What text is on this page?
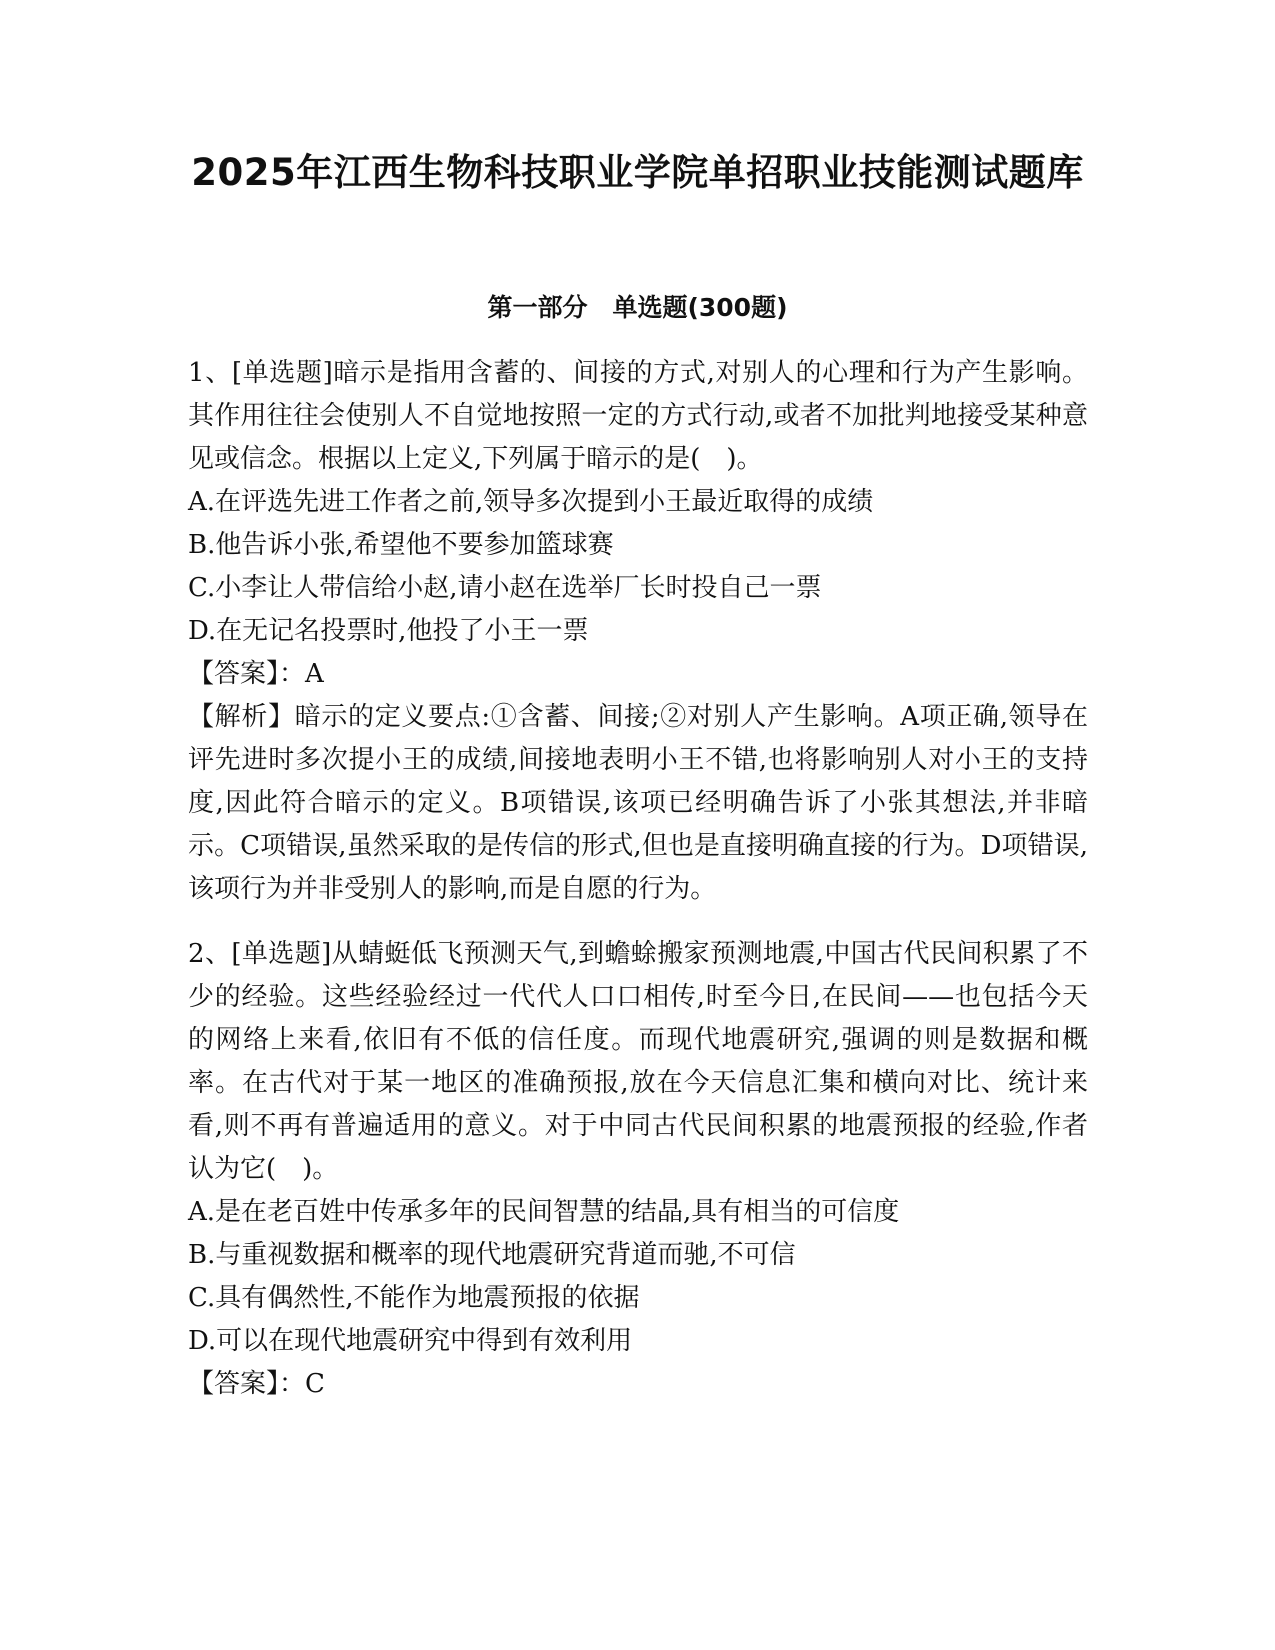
2025年江西生物科技职业学院单招职业技能测试题库
第一部分　单选题(300题)

1、[单选题]暗示是指用含蓄的、间接的方式,对别人的心理和行为产生影响。其作用往往会使别人不自觉地按照一定的方式行动,或者不加批判地接受某种意见或信念。根据以上定义,下列属于暗示的是(　)。

A.在评选先进工作者之前,领导多次提到小王最近取得的成绩

B.他告诉小张,希望他不要参加篮球赛

C.小李让人带信给小赵,请小赵在选举厂长时投自己一票

D.在无记名投票时,他投了小王一票

【答案】：A

【解析】暗示的定义要点:①含蓄、间接;②对别人产生影响。A项正确,领导在评先进时多次提小王的成绩,间接地表明小王不错,也将影响别人对小王的支持度,因此符合暗示的定义。B项错误,该项已经明确告诉了小张其想法,并非暗示。C项错误,虽然采取的是传信的形式,但也是直接明确直接的行为。D项错误,该项行为并非受别人的影响,而是自愿的行为。

2、[单选题]从蜻蜓低飞预测天气,到蟾蜍搬家预测地震,中国古代民间积累了不少的经验。这些经验经过一代代人口口相传,时至今日,在民间——也包括今天的网络上来看,依旧有不低的信任度。而现代地震研究,强调的则是数据和概率。在古代对于某一地区的准确预报,放在今天信息汇集和横向对比、统计来看,则不再有普遍适用的意义。对于中同古代民间积累的地震预报的经验,作者认为它(　)。

A.是在老百姓中传承多年的民间智慧的结晶,具有相当的可信度

B.与重视数据和概率的现代地震研究背道而驰,不可信

C.具有偶然性,不能作为地震预报的依据

D.可以在现代地震研究中得到有效利用

【答案】：C
